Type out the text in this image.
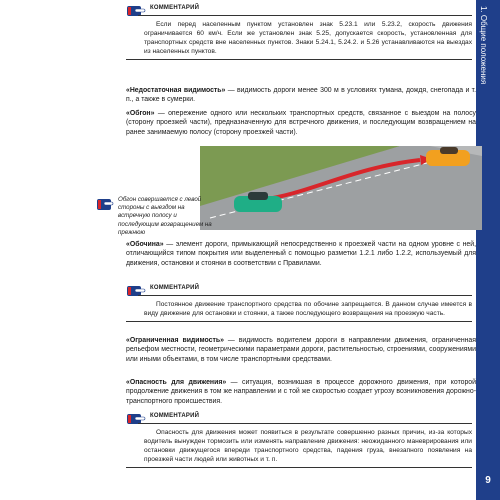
1. Общие положения
9
КОММЕНТАРИЙ

Если перед населенным пунктом установлен знак 5.23.1 или 5.23.2, скорость движения ограничивается 60 км/ч. Если же установлен знак 5.25, допускается скорость, установленная для транспортных средств вне населенных пунктов. Знаки 5.24.1, 5.24.2. и 5.26 устанавливаются на выездах из населенных пунктов.

«Недостаточная видимость» — видимость дороги менее 300 м в условиях тумана, дождя, снегопада и т. п., а также в сумерки.

«Обгон» — опережение одного или нескольких транспортных средств, связанное с выездом на полосу (сторону проезжей части), предназначенную для встречного движения, и последующим возвращением на ранее занимаемую полосу (сторону проезжей части).

Обгон совершается с левой стороны с выездом на встречную полосу и последующим возвращением на прежнюю

«Обочина» — элемент дороги, примыкающий непосредственно к проезжей части на одном уровне с ней, отличающийся типом покрытия или выделенный с помощью разметки 1.2.1 либо 1.2.2, используемый для движения, остановки и стоянки в соответствии с Правилами.

КОММЕНТАРИЙ

Постоянное движение транспортного средства по обочине запрещается. В данном случае имеется в виду движение для остановки и стоянки, а также последующего возвращения на проезжую часть.

«Ограниченная видимость» — видимость водителем дороги в направлении движения, ограниченная рельефом местности, геометрическими параметрами дороги, растительностью, строениями, сооружениями или иными объектами, в том числе транспортными средствами.

«Опасность для движения» — ситуация, возникшая в процессе дорожного движения, при которой продолжение движения в том же направлении и с той же скоростью создает угрозу возникновения дорожно-транспортного происшествия.

КОММЕНТАРИЙ

Опасность для движения может появиться в результате совершенно разных причин, из-за которых водитель вынужден тормозить или изменять направление движения: неожиданного маневрирования или остановки движущегося впереди транспортного средства, падения груза, внезапного появления на проезжей части людей или животных и т. п.
